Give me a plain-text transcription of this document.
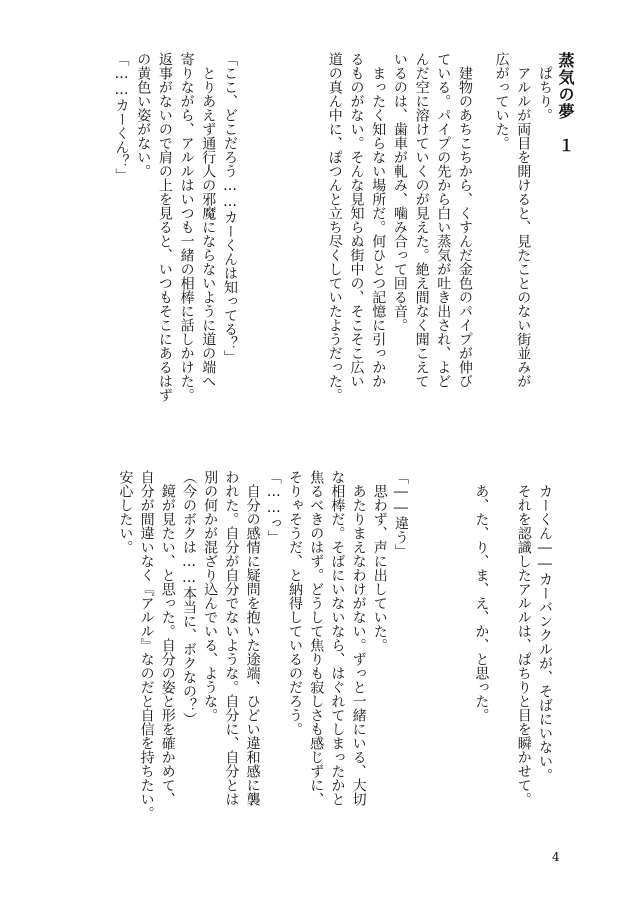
蒸気の夢　１
　ぱちり。
　アルルが両目を開けると、見たことのない街並みが
広がっていた。
　建物のあちこちから、くすんだ金色のパイプが伸び
ている。パイプの先から白い蒸気が吐き出され、よど
んだ空に溶けていくのが見えた。絶え間なく聞こえて
いるのは、歯車が軋み、噛み合って回る音。
　まったく知らない場所だ。何ひとつ記憶に引っかか
るものがない。そんな見知らぬ街中の、そこそこ広い
道の真ん中に、ぽつんと立ち尽くしていたようだった。
「ここ、どこだろう……カーくんは知ってる？」
　とりあえず通行人の邪魔にならないように道の端へ
寄りながら、アルルはいつも一緒の相棒に話しかけた。
返事がないので肩の上を見ると、いつもそこにあるはず
の黄色い姿がない。
「……カーくん？」
　カーくん――カーバンクルが、そばにいない。
　それを認識したアルルは、ぱちりと目を瞬かせて。
　あ、た、り、ま、え、か、と思った。
「――違う」
　思わず、声に出していた。
　あたりまえなわけがない。ずっと一緒にいる、大切
な相棒だ。そばにいないなら、はぐれてしまったかと
焦るべきのはず。どうして焦りも寂しさも感じずに、
そりゃそうだ、と納得しているのだろう。
「……っ」
　自分の感情に疑問を抱いた途端、ひどい違和感に襲
われた。自分が自分でないような。自分に、自分とは
別の何かが混ざり込んでいる、ような。
（今のボクは……本当に、ボクなの？）
　鏡が見たい、と思った。自分の姿と形を確かめて、
自分が間違いなく『アルル』なのだと自信を持ちたい。
安心したい。
4
